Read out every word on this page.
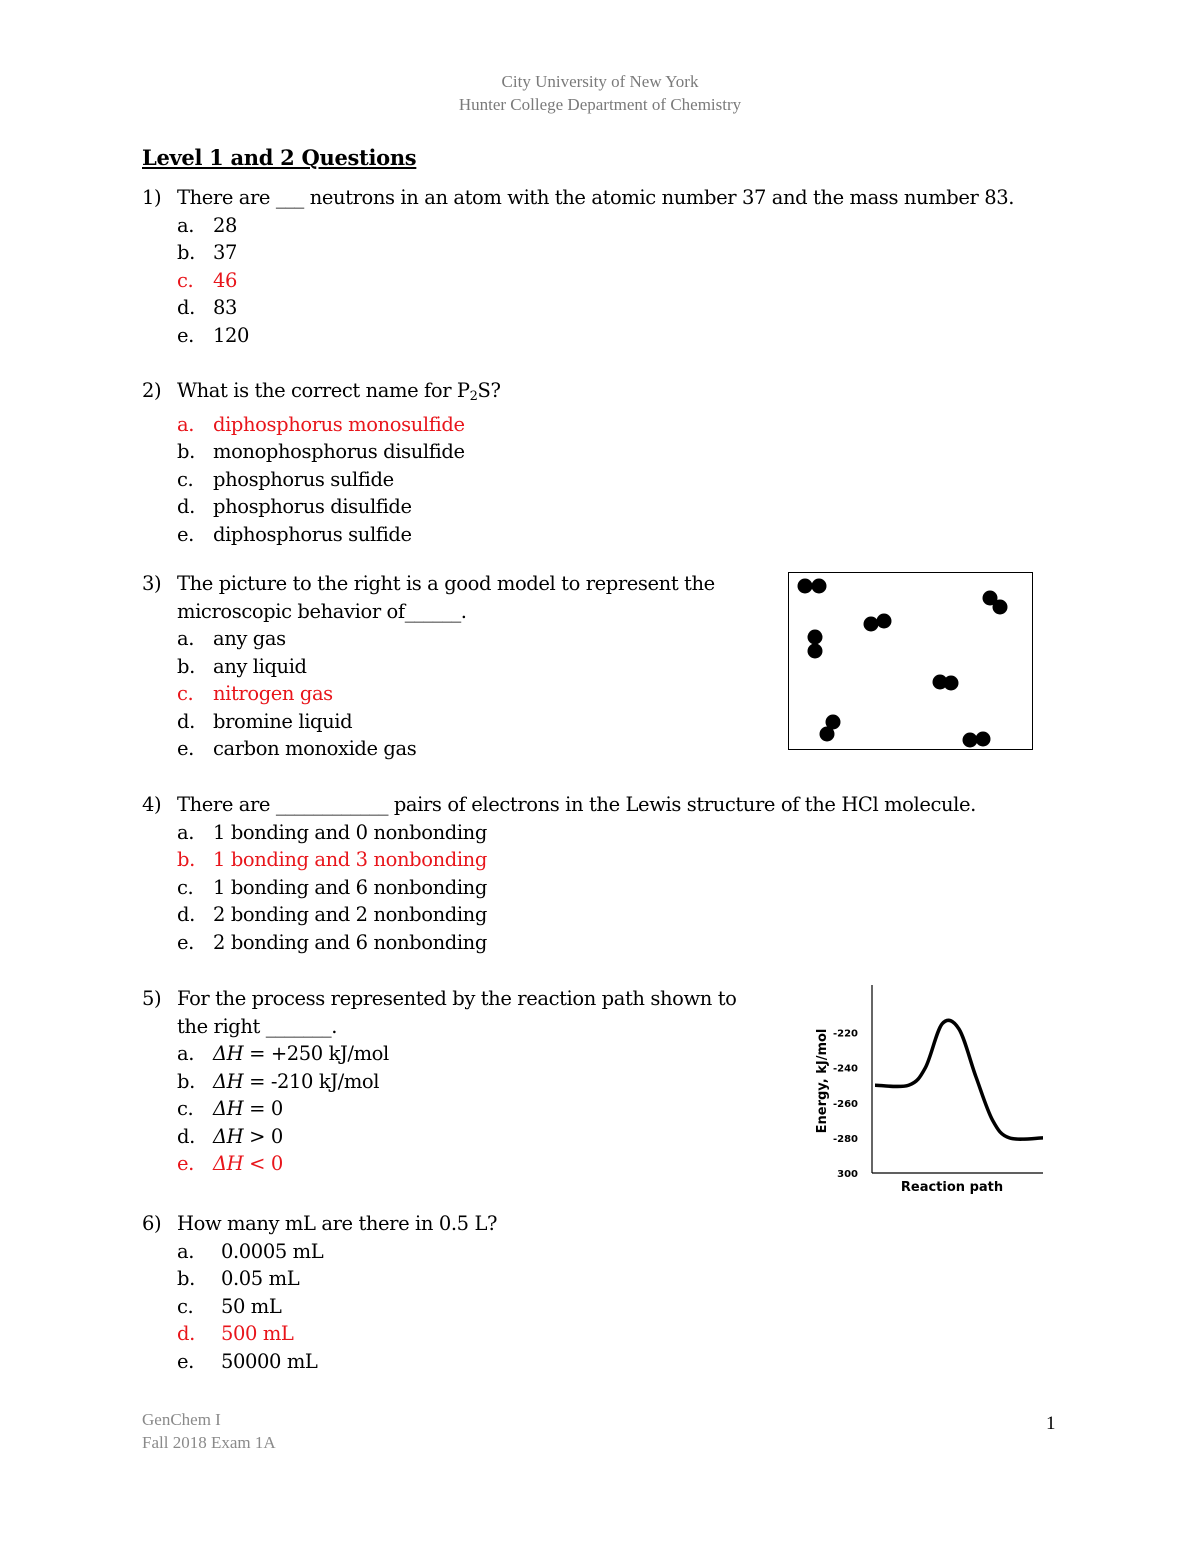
City University of New York
Hunter College Department of Chemistry
Level 1 and 2 Questions
1) There are ___ neutrons in an atom with the atomic number 37 and the mass number 83.
a. 28
b. 37
c. 46
d. 83
e. 120
2) What is the correct name for $P_2S$?
a. diphosphorus monosulfide
b. monophosphorus disulfide
c. phosphorus sulfide
d. phosphorus disulfide
e. diphosphorus sulfide
3) The picture to the right is a good model to represent the
microscopic behavior of______.
a. any gas
b. any liquid
c. nitrogen gas
d. bromine liquid
e. carbon monoxide gas
4) There are ____________ pairs of electrons in the Lewis structure of the HCl molecule.
a. 1 bonding and 0 nonbonding
b. 1 bonding and 3 nonbonding
c. 1 bonding and 6 nonbonding
d. 2 bonding and 2 nonbonding
e. 2 bonding and 6 nonbonding
5) For the process represented by the reaction path shown to
the right _______.
a. ΔH = +250 kJ/mol
b. ΔH = -210 kJ/mol
c. ΔH = 0
d. ΔH > 0
e. ΔH < 0
Energy, kJ/mol -220
-240
-260
-280
300
Reaction path
6) How many mL are there in 0.5 L?
a. 0.0005 mL
b. 0.05 mL
c. 50 mL
d. 500 mL
e. 50000 mL
GenChem I
Fall 2018 Exam 1A
1
